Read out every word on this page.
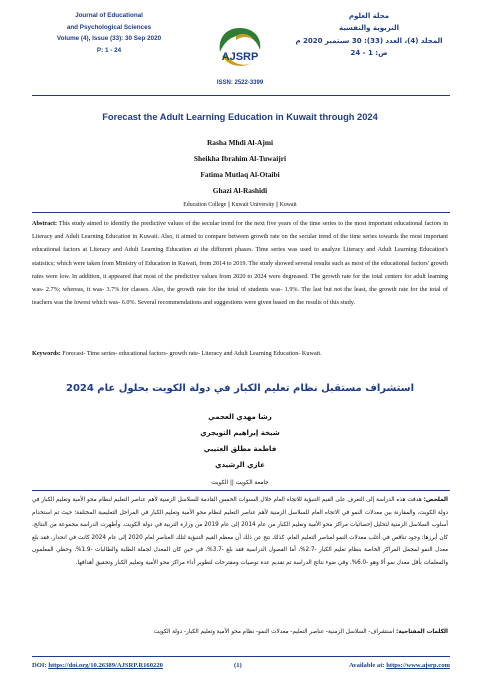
Journal of Educational
and Psychological Sciences
Volume (4), Issue (33): 30 Sep 2020
P: 1 - 24
AJSRP
ISSN: 2522-3399
مجلة العلوم
التربوية والنفسية
المجلد (4)، العدد (33): 30 سبتمبر 2020 م
ص: 1 - 24
Forecast the Adult Learning Education in Kuwait through 2024
Rasha Mhdi Al-Ajmi
Sheikha Ibrahim Al-Tuwaijri
Fatima Mutlaq Al-Otaibi
Ghazi Al-Rashidi
Education College || Kuwait University || Kuwait
Abstract: This study aimed to identify the predictive values of the secular trend for the next five years of the time series to the most important educational factors in Literacy and Adult Learning Education in Kuwait. Also, it aimed to compare between growth rate on the secular trend of the time series towards the most important educational factors at Literacy and Adult Learning Education at the different phases. Time series was used to analyze Literacy and Adult Learning Education's statistics; which were taken from Ministry of Education in Kuwait, from 2014 to 2019. The study showed several results such as most of the educational factors' growth rates were low. In addition, it appeared that most of the predictive values from 2020 to 2024 were degreased. The growth rate for the total centers for adult learning was- 2.7%; whereas, it was- 3.7% for classes. Also, the growth rate for the total of students was- 1.9%. The last but not the least, the growth rate for the total of teachers was the lowest which was- 6.0%. Several recommendations and suggestions were given based on the results of this study.
Keywords: Forecast- Time series- educational factors- growth rate- Literacy and Adult Learning Education- Kuwait.
استشراف مستقبل نظام تعليم الكبار في دولة الكويت بحلول عام 2024
رشا مهدي العجمي
شيخة إبراهيم التويجري
فاطمة مطلق العتيبي
غازي الرشيدي
جامعة الكويت || الكويت
الملخص: هدفت هذه الدراسة إلى التعرف على القيم التنبؤية للاتجاه العام خلال السنوات الخمس القادمة للسلاسل الزمنية لأهم عناصر التعليم لنظام محو الأمية وتعليم الكبار في دولة الكويت، والمقارنة بين معدلات النمو في الاتجاه العام للسلاسل الزمنية لأهم عناصر التعليم لنظام محو الأمية وتعليم الكبار في المراحل التعليمية المختلفة؛ حيث تم استخدام أسلوب السلاسل الزمنية لتحليل إحصائيات مراكز محو الأمية وتعليم الكبار من عام 2014 إلى عام 2019 من وزارة التربية في دولة الكويت. وأظهرت الدراسة مجموعة من النتائج، كان أبرزها: وجود تناقص في أغلب معدلات النمو لعناصر التعليم العام، كذلك نتج عن ذلك أن معظم القيم التنبؤية لتلك العناصر لعام 2020 إلى عام 2024 كانت في انحدار، فقد بلغ معدل النمو لمجمل المراكز الخاصة بنظام تعليم الكبار -2.7%، أما الفصول الدراسية فقد بلغ -3.7%، في حين كان المعدل لجملة الطلبة والطالبات -1.9%، وحظي المعلمون والمعلمات بأقل معدل نمو ألا وهو -6.0%. وفي ضوء نتائج الدراسة تم تقديم عدة توصيات ومقترحات لتطوير أداء مراكز محو الأمية وتعليم الكبار وتحقيق أهدافها.
الكلمات المفتاحية: استشراف- السلاسل الزمنية- عناصر التعليم- معدلات النمو- نظام محو الأمية وتعليم الكبار- دولة الكويت
DOI: https://doi.org/10.26389/AJSRP.R160220	(1)	Available at: https://www.ajsrp.com
